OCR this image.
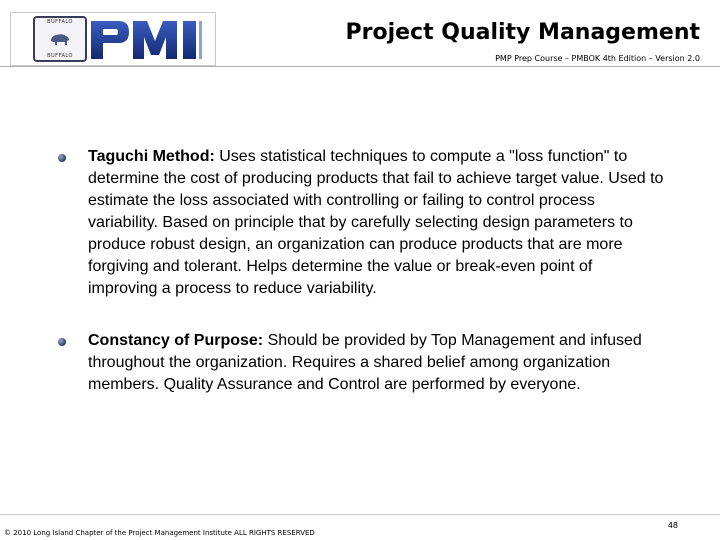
BUFFALO
BUFFALO
Project Quality Management
PMP Prep Course – PMBOK 4th Edition – Version 2.0
Taguchi Method: Uses statistical techniques to compute a "loss function" to determine the cost of producing products that fail to achieve target value. Used to estimate the loss associated with controlling or failing to control process variability. Based on principle that by carefully selecting design parameters to produce robust design, an organization can produce products that are more forgiving and tolerant. Helps determine the value or break-even point of improving a process to reduce variability.
Constancy of Purpose: Should be provided by Top Management and infused throughout the organization. Requires a shared belief among organization members. Quality Assurance and Control are performed by everyone.
© 2010 Long Island Chapter of the Project Management Institute ALL RIGHTS RESERVED
48
